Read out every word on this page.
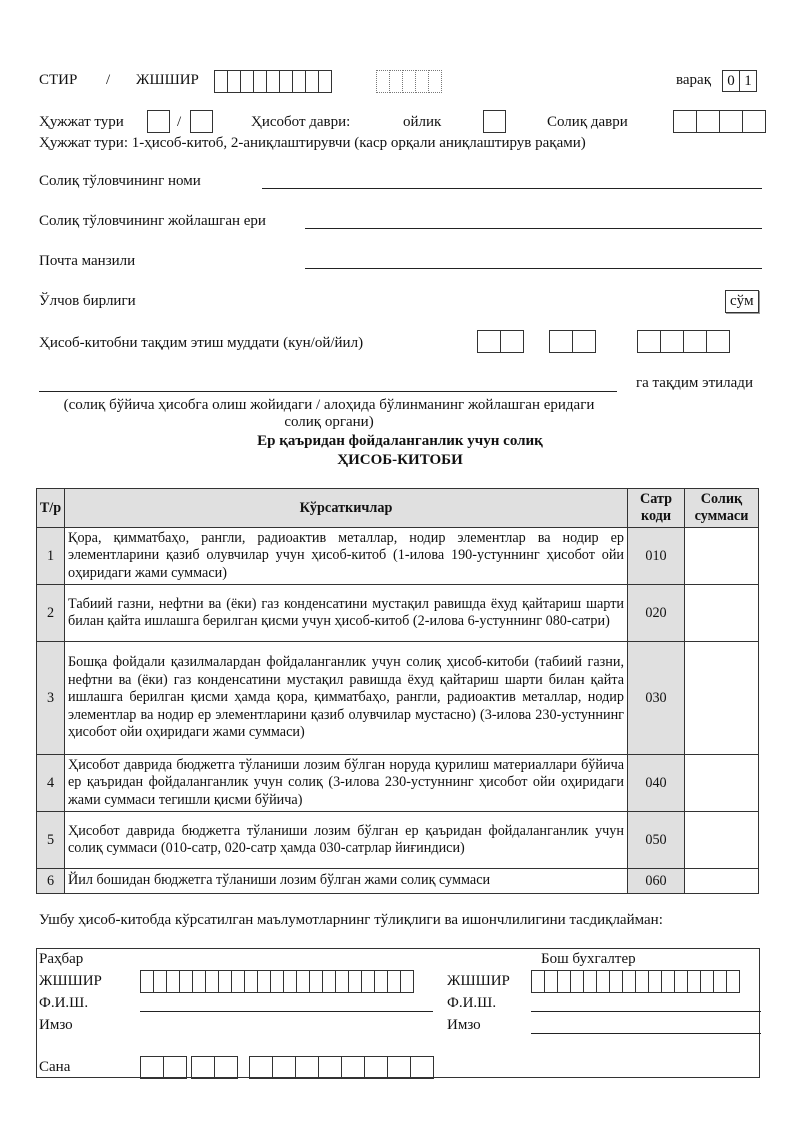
СТИР / ЖШШИР	варақ	0 1
Ҳужжат тури	/	Ҳисобот даври:	ойлик	Солиқ даври
Ҳужжат тури: 1-ҳисоб-китоб, 2-аниқлаштирувчи (каср орқали аниқлаштирув рақами)
Солиқ тўловчининг номи
Солиқ тўловчининг жойлашган ери
Почта манзили
Ўлчов бирлиги	сўм
Ҳисоб-китобни тақдим этиш муддати (кун/ой/йил)
га тақдим этилади
(солиқ бўйича ҳисобга олиш жойидаги / алоҳида бўлинманинг жойлашган еридаги
солиқ органи)
Ер қаъридан фойдаланганлик учун солиқ
ҲИСОБ-КИТОБИ
Т/р	Кўрсаткичлар	Сатр коди	Солиқ суммаси
1	Қора, қимматбаҳо, рангли, радиоактив металлар, нодир элементлар ва нодир ер элементларини қазиб олувчилар учун ҳисоб-китоб (1-илова 190-устуннинг ҳисобот ойи оҳиридаги жами суммаси)	010	
2	Табиий газни, нефтни ва (ёки) газ конденсатини мустақил равишда ёхуд қайтариш шарти билан қайта ишлашга берилган қисми учун ҳисоб-китоб (2-илова 6-устуннинг 080-сатри)	020	
3	Бошқа фойдали қазилмалардан фойдаланганлик учун солиқ ҳисоб-китоби (табиий газни, нефтни ва (ёки) газ конденсатини мустақил равишда ёхуд қайтариш шарти билан қайта ишлашга берилган қисми ҳамда қора, қимматбаҳо, рангли, радиоактив металлар, нодир элементлар ва нодир ер элементларини қазиб олувчилар мустасно) (3-илова 230-устуннинг ҳисобот ойи оҳиридаги жами суммаси)	030	
4	Ҳисобот даврида бюджетга тўланиши лозим бўлган норуда қурилиш материаллари бўйича ер қаъридан фойдаланганлик учун солиқ (3-илова 230-устуннинг ҳисобот ойи оҳиридаги жами суммаси тегишли қисми бўйича)	040	
5	Ҳисобот даврида бюджетга тўланиши лозим бўлган ер қаъридан фойдаланганлик учун солиқ суммаси (010-сатр, 020-сатр ҳамда 030-сатрлар йиғиндиси)	050	
6	Йил бошидан бюджетга тўланиши лозим бўлган жами солиқ суммаси	060	
Ушбу ҳисоб-китобда кўрсатилган маълумотларнинг тўлиқлиги ва ишончлилигини тасдиқлайман:
Раҳбар	Бош бухгалтер
ЖШШИР	ЖШШИР
Ф.И.Ш.	Ф.И.Ш.
Имзо	Имзо
Сана
